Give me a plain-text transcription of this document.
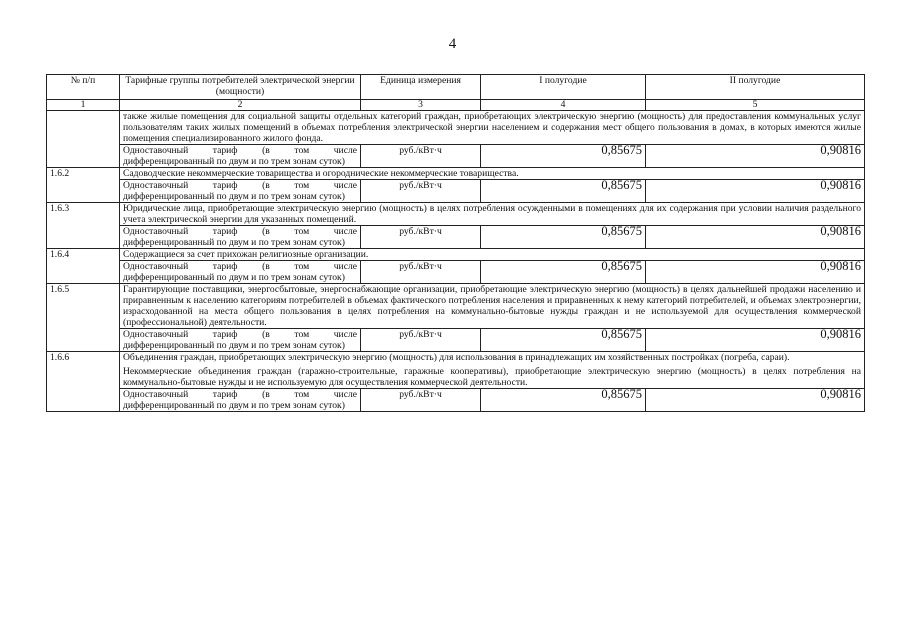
4
№ п/п	Тарифные группы потребителей электрической энергии (мощности)	Единица измерения	I полугодие	II полугодие
1	2	3	4	5

	также жилые помещения для социальной защиты отдельных категорий граждан, приобретающих электрическую энергию (мощность) для предоставления коммунальных услуг пользователям таких жилых помещений в объемах потребления электрической энергии населением и содержания мест общего пользования в домах, в которых имеются жилые помещения специализированного жилого фонда.			

	Одноставочный тариф (в том числе дифференцированный по двум и по трем зонам суток)	руб./кВт·ч	0,85675	0,90816
1.6.2	Садоводческие некоммерческие товарищества и огороднические некоммерческие товарищества.			

	Одноставочный тариф (в том числе дифференцированный по двум и по трем зонам суток)	руб./кВт·ч	0,85675	0,90816
1.6.3	Юридические лица, приобретающие электрическую энергию (мощность) в целях потребления осужденными в помещениях для их содержания при условии наличия раздельного учета электрической энергии для указанных помещений.			

	Одноставочный тариф (в том числе дифференцированный по двум и по трем зонам суток)	руб./кВт·ч	0,85675	0,90816
1.6.4	Содержащиеся за счет прихожан религиозные организации.			

	Одноставочный тариф (в том числе дифференцированный по двум и по трем зонам суток)	руб./кВт·ч	0,85675	0,90816
1.6.5	Гарантирующие поставщики, энергосбытовые, энергоснабжающие организации, приобретающие электрическую энергию (мощность) в целях дальнейшей продажи населению и приравненным к населению категориям потребителей в объемах фактического потребления населения и приравненных к нему категорий потребителей, и объемах электроэнергии, израсходованной на места общего пользования в целях потребления на коммунально-бытовые нужды граждан и не используемой для осуществления коммерческой (профессиональной) деятельности.			

	Одноставочный тариф (в том числе дифференцированный по двум и по трем зонам суток)	руб./кВт·ч	0,85675	0,90816
1.6.6	Объединения граждан, приобретающих электрическую энергию (мощность) для использования в принадлежащих им хозяйственных постройках (погреба, сараи).

Некоммерческие объединения граждан (гаражно-строительные, гаражные кооперативы), приобретающие электрическую энергию (мощность) в целях потребления на коммунально-бытовые нужды и не используемую для осуществления коммерческой деятельности.			

	Одноставочный тариф (в том числе дифференцированный по двум и по трем зонам суток)	руб./кВт·ч	0,85675	0,90816
